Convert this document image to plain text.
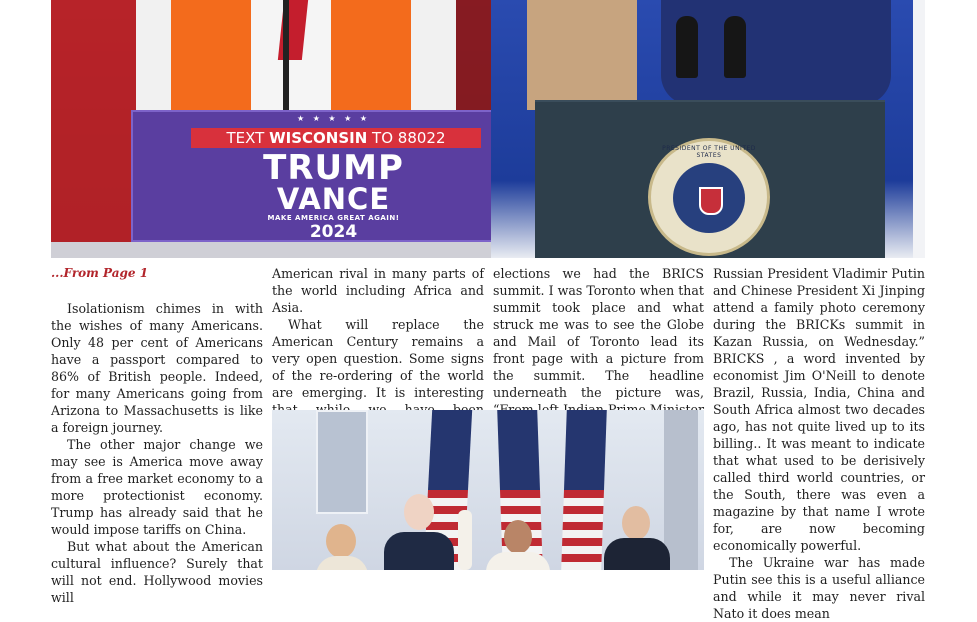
★ ★ ★ ★ ★
TEXT WISCONSIN TO 88022
TRUMP
VANCE
MAKE AMERICA GREAT AGAIN!
2024
PRESIDENT OF THE UNITED STATES

...From Page 1

Isolationism chimes in with the wishes of many Americans. Only 48 per cent of Americans have a passport compared to 86% of British people. Indeed, for many Americans going from Arizona to Massachusetts is like a foreign journey.

The other major change we may see is America move away from a free market economy to a more protectionist economy. Trump has already said that he would impose tariffs on China.

But what about the American cultural influence? Surely that will not end. Hollywood movies will

American rival in many parts of the world including Africa and Asia.

What will replace the American Century remains a very open question. Some signs of the re-ordering of the world are emerging. It is interesting

elections we had the BRICS summit. I was Toronto when that summit took place and what struck me was to see the Globe and Mail of Toronto lead its front page with a picture from the summit. The headline underneath the picture was,

Russian President Vladimir Putin and Chinese President Xi Jinping attend a family photo ceremony during the BRICKs summit in Kazan Russia, on Wednesday.” BRICKS , a word invented by economist Jim O'Neill to denote Brazil, Russia, India, China and South Africa almost two decades ago, has not quite lived up to its billing.. It was meant to indicate that what used to be derisively called third world countries, or the South, there was even a magazine by that name I wrote for, are now becoming economically powerful.

The Ukraine war has made Putin see this is a useful alliance and while it may never rival Nato it does mean
